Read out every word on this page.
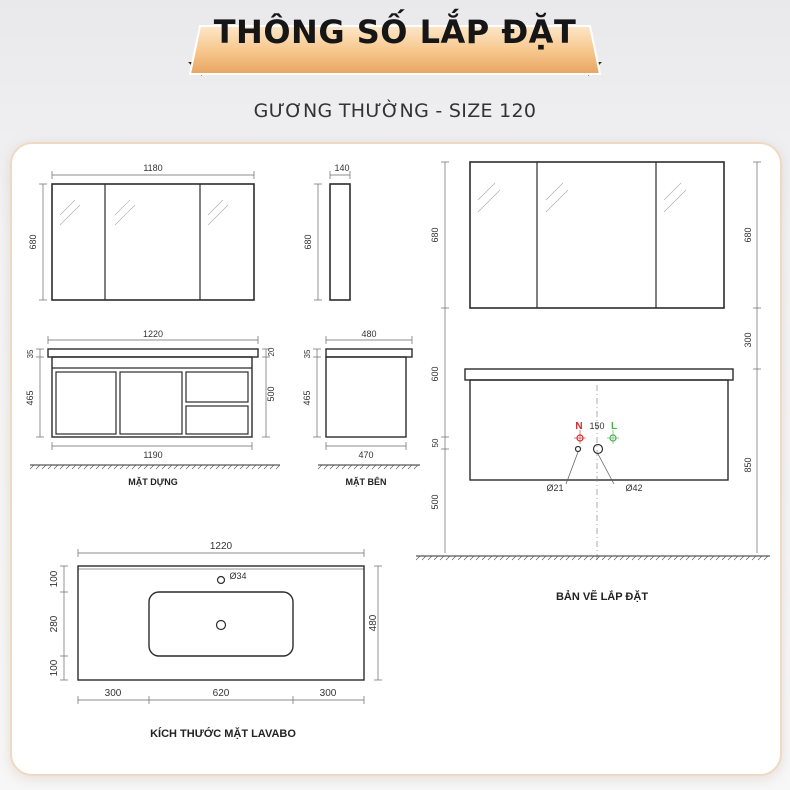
THÔNG SỐ LẮP ĐẶT
GƯƠNG THƯỜNG - SIZE 120
1180
680
140
680
1220
1190
35
465
20
500
480
470
35
465
MẶT DỰNG	MẶT BÊN
N	L
150
Ø21	Ø42
680
600
50
500
680
300
850
BẢN VẼ LẮP ĐẶT
1220
Ø34
480
100
280
100
300	620	300
KÍCH THƯỚC MẶT LAVABO
